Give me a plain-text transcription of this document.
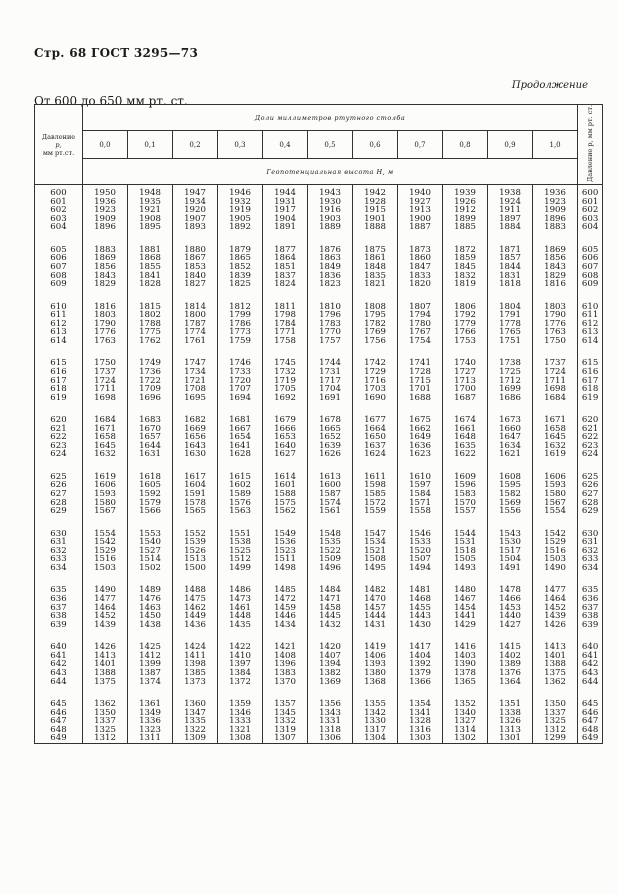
Стр. 68 ГОСТ 3295—73
Продолжение
От 600 до 650 мм рт. ст.
Давление
p,
мм рт.ст.	Доли миллиметров ртутного столба											Давление p, мм рт. ст.
	0,0	0,1	0,2	0,3	0,4	0,5	0,6	0,7	0,8	0,9	1,0	
	Геопотенциальная высота H, м											
600	1950	1948	1947	1946	1944	1943	1942	1940	1939	1938	1936	600
601	1936	1935	1934	1932	1931	1930	1928	1927	1926	1924	1923	601
602	1923	1921	1920	1919	1917	1916	1915	1913	1912	1911	1909	602
603	1909	1908	1907	1905	1904	1903	1901	1900	1899	1897	1896	603
604	1896	1895	1893	1892	1891	1889	1888	1887	1885	1884	1883	604
605	1883	1881	1880	1879	1877	1876	1875	1873	1872	1871	1869	605
606	1869	1868	1867	1865	1864	1863	1861	1860	1859	1857	1856	606
607	1856	1855	1853	1852	1851	1849	1848	1847	1845	1844	1843	607
608	1843	1841	1840	1839	1837	1836	1835	1833	1832	1831	1829	608
609	1829	1828	1827	1825	1824	1823	1821	1820	1819	1818	1816	609
610	1816	1815	1814	1812	1811	1810	1808	1807	1806	1804	1803	610
611	1803	1802	1800	1799	1798	1796	1795	1794	1792	1791	1790	611
612	1790	1788	1787	1786	1784	1783	1782	1780	1779	1778	1776	612
613	1776	1775	1774	1773	1771	1770	1769	1767	1766	1765	1763	613
614	1763	1762	1761	1759	1758	1757	1756	1754	1753	1751	1750	614
615	1750	1749	1747	1746	1745	1744	1742	1741	1740	1738	1737	615
616	1737	1736	1734	1733	1732	1731	1729	1728	1727	1725	1724	616
617	1724	1722	1721	1720	1719	1717	1716	1715	1713	1712	1711	617
618	1711	1709	1708	1707	1705	1704	1703	1701	1700	1699	1698	618
619	1698	1696	1695	1694	1692	1691	1690	1688	1687	1686	1684	619
620	1684	1683	1682	1681	1679	1678	1677	1675	1674	1673	1671	620
621	1671	1670	1669	1667	1666	1665	1664	1662	1661	1660	1658	621
622	1658	1657	1656	1654	1653	1652	1650	1649	1648	1647	1645	622
623	1645	1644	1643	1641	1640	1639	1637	1636	1635	1634	1632	623
624	1632	1631	1630	1628	1627	1626	1624	1623	1622	1621	1619	624
625	1619	1618	1617	1615	1614	1613	1611	1610	1609	1608	1606	625
626	1606	1605	1604	1602	1601	1600	1598	1597	1596	1595	1593	626
627	1593	1592	1591	1589	1588	1587	1585	1584	1583	1582	1580	627
628	1580	1579	1578	1576	1575	1574	1572	1571	1570	1569	1567	628
629	1567	1566	1565	1563	1562	1561	1559	1558	1557	1556	1554	629
630	1554	1553	1552	1551	1549	1548	1547	1546	1544	1543	1542	630
631	1542	1540	1539	1538	1536	1535	1534	1533	1531	1530	1529	631
632	1529	1527	1526	1525	1523	1522	1521	1520	1518	1517	1516	632
633	1516	1514	1513	1512	1511	1509	1508	1507	1505	1504	1503	633
634	1503	1502	1500	1499	1498	1496	1495	1494	1493	1491	1490	634
635	1490	1489	1488	1486	1485	1484	1482	1481	1480	1478	1477	635
636	1477	1476	1475	1473	1472	1471	1470	1468	1467	1466	1464	636
637	1464	1463	1462	1461	1459	1458	1457	1455	1454	1453	1452	637
638	1452	1450	1449	1448	1446	1445	1444	1443	1441	1440	1439	638
639	1439	1438	1436	1435	1434	1432	1431	1430	1429	1427	1426	639
640	1426	1425	1424	1422	1421	1420	1419	1417	1416	1415	1413	640
641	1413	1412	1411	1410	1408	1407	1406	1404	1403	1402	1401	641
642	1401	1399	1398	1397	1396	1394	1393	1392	1390	1389	1388	642
643	1388	1387	1385	1384	1383	1382	1380	1379	1378	1376	1375	643
644	1375	1374	1373	1372	1370	1369	1368	1366	1365	1364	1362	644
645	1362	1361	1360	1359	1357	1356	1355	1354	1352	1351	1350	645
646	1350	1349	1347	1346	1345	1343	1342	1341	1340	1338	1337	646
647	1337	1336	1335	1333	1332	1331	1330	1328	1327	1326	1325	647
648	1325	1323	1322	1321	1319	1318	1317	1316	1314	1313	1312	648
649	1312	1311	1309	1308	1307	1306	1304	1303	1302	1301	1299	649
